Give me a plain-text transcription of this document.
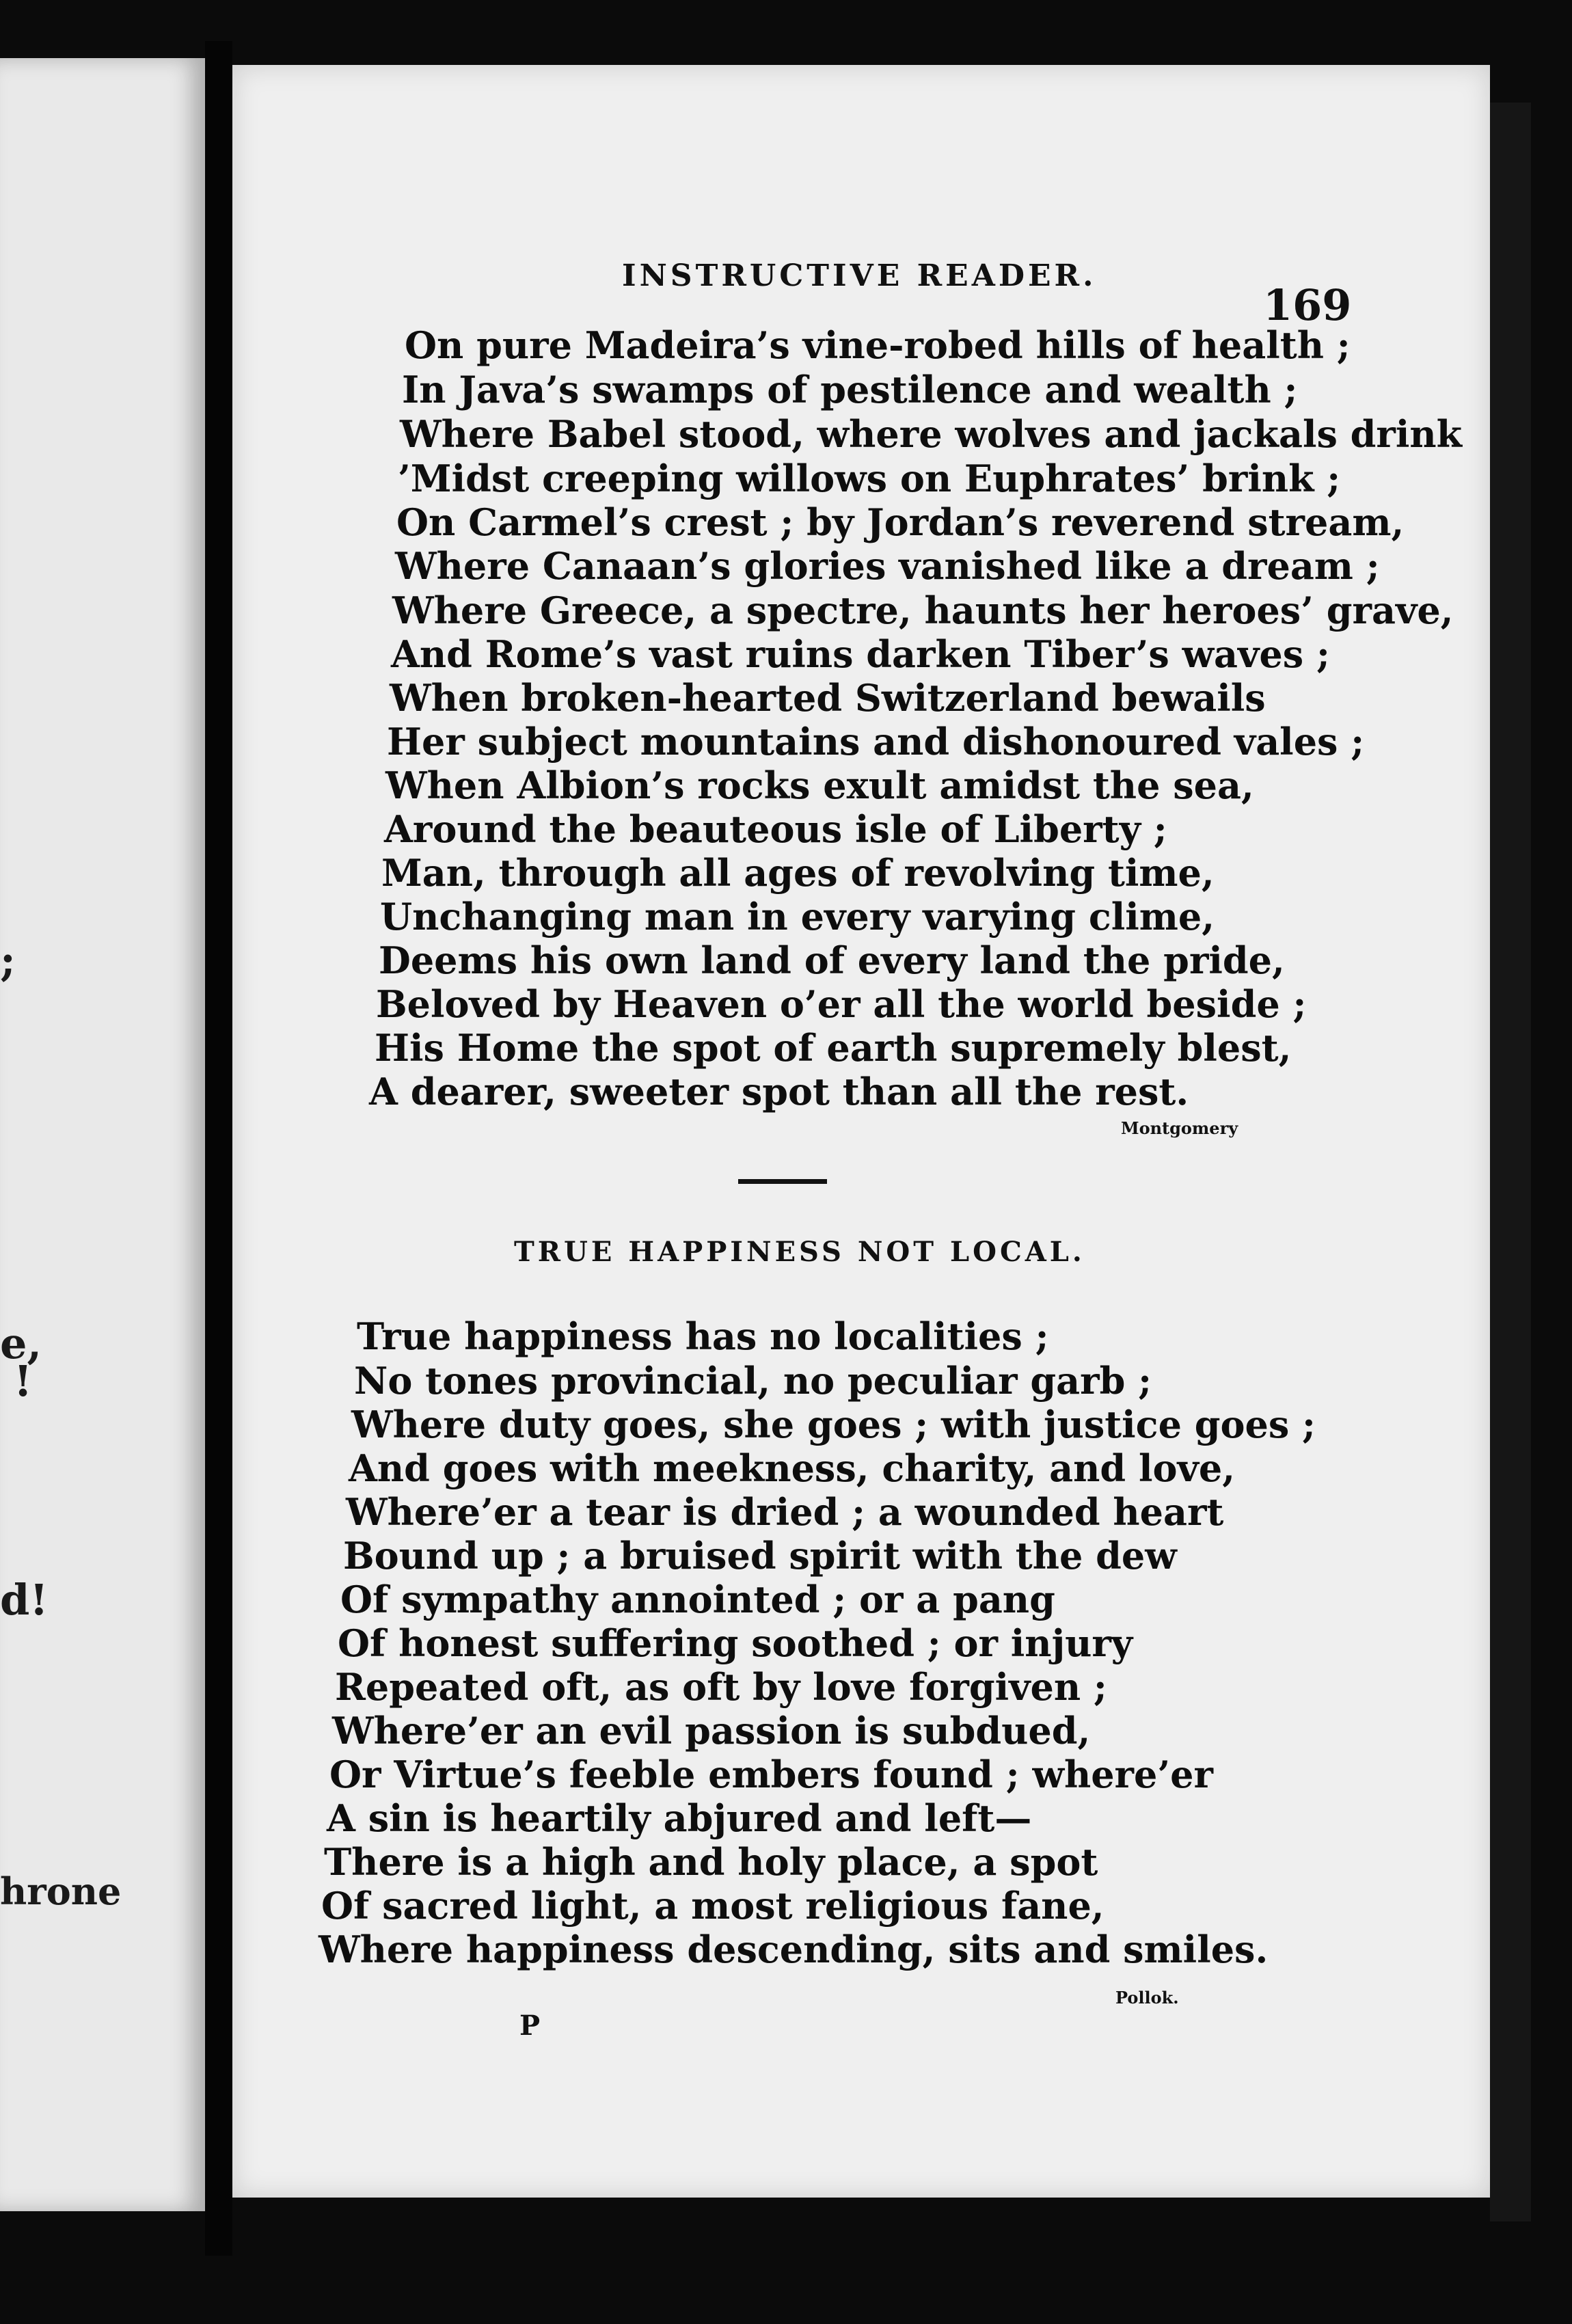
;
e,
!
d!
hrone
INSTRUCTIVE READER.
169
On pure Madeira’s vine-robed hills of health ;
In Java’s swamps of pestilence and wealth ;
Where Babel stood, where wolves and jackals drink
’Midst creeping willows on Euphrates’ brink ;
On Carmel’s crest ; by Jordan’s reverend stream,
Where Canaan’s glories vanished like a dream ;
Where Greece, a spectre, haunts her heroes’ grave,
And Rome’s vast ruins darken Tiber’s waves ;
When broken-hearted Switzerland bewails
Her subject mountains and dishonoured vales ;
When Albion’s rocks exult amidst the sea,
Around the beauteous isle of Liberty ;
Man, through all ages of revolving time,
Unchanging man in every varying clime,
Deems his own land of every land the pride,
Beloved by Heaven o’er all the world beside ;
His Home the spot of earth supremely blest,
A dearer, sweeter spot than all the rest.
Montgomery
TRUE HAPPINESS NOT LOCAL.
True happiness has no localities ;
No tones provincial, no peculiar garb ;
Where duty goes, she goes ; with justice goes ;
And goes with meekness, charity, and love,
Where’er a tear is dried ; a wounded heart
Bound up ; a bruised spirit with the dew
Of sympathy annointed ; or a pang
Of honest suffering soothed ; or injury
Repeated oft, as oft by love forgiven ;
Where’er an evil passion is subdued,
Or Virtue’s feeble embers found ; where’er
A sin is heartily abjured and left—
There is a high and holy place, a spot
Of sacred light, a most religious fane,
Where happiness descending, sits and smiles.
Pollok.
P
